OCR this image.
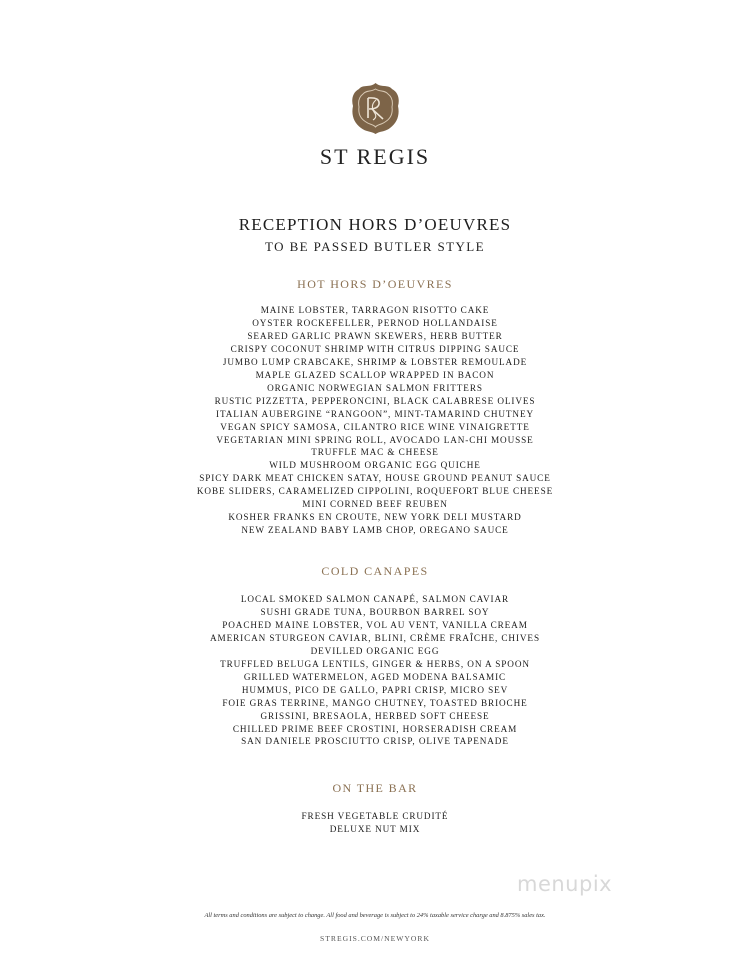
ST REGIS
RECEPTION HORS D’OEUVRES
TO BE PASSED BUTLER STYLE
HOT HORS D’OEUVRES
MAINE LOBSTER, TARRAGON RISOTTO CAKE
OYSTER ROCKEFELLER, PERNOD HOLLANDAISE
SEARED GARLIC PRAWN SKEWERS, HERB BUTTER
CRISPY COCONUT SHRIMP WITH CITRUS DIPPING SAUCE
JUMBO LUMP CRABCAKE, SHRIMP & LOBSTER REMOULADE
MAPLE GLAZED SCALLOP WRAPPED IN BACON
ORGANIC NORWEGIAN SALMON FRITTERS
RUSTIC PIZZETTA, PEPPERONCINI, BLACK CALABRESE OLIVES
ITALIAN AUBERGINE “RANGOON”, MINT-TAMARIND CHUTNEY
VEGAN SPICY SAMOSA, CILANTRO RICE WINE VINAIGRETTE
VEGETARIAN MINI SPRING ROLL, AVOCADO LAN-CHI MOUSSE
TRUFFLE MAC & CHEESE
WILD MUSHROOM ORGANIC EGG QUICHE
SPICY DARK MEAT CHICKEN SATAY, HOUSE GROUND PEANUT SAUCE
KOBE SLIDERS, CARAMELIZED CIPPOLINI, ROQUEFORT BLUE CHEESE
MINI CORNED BEEF REUBEN
KOSHER FRANKS EN CROUTE, NEW YORK DELI MUSTARD
NEW ZEALAND BABY LAMB CHOP, OREGANO SAUCE
COLD CANAPES
LOCAL SMOKED SALMON CANAPÉ, SALMON CAVIAR
SUSHI GRADE TUNA, BOURBON BARREL SOY
POACHED MAINE LOBSTER, VOL AU VENT, VANILLA CREAM
AMERICAN STURGEON CAVIAR, BLINI, CRÈME FRAÎCHE, CHIVES
DEVILLED ORGANIC EGG
TRUFFLED BELUGA LENTILS, GINGER & HERBS, ON A SPOON
GRILLED WATERMELON, AGED MODENA BALSAMIC
HUMMUS, PICO DE GALLO, PAPRI CRISP, MICRO SEV
FOIE GRAS TERRINE, MANGO CHUTNEY, TOASTED BRIOCHE
GRISSINI, BRESAOLA, HERBED SOFT CHEESE
CHILLED PRIME BEEF CROSTINI, HORSERADISH CREAM
SAN DANIELE PROSCIUTTO CRISP, OLIVE TAPENADE
ON THE BAR
FRESH VEGETABLE CRUDITÉ
DELUXE NUT MIX
menupix
All terms and conditions are subject to change. All food and beverage is subject to 24% taxable service charge and 8.875% sales tax.
STREGIS.COM/NEWYORK
